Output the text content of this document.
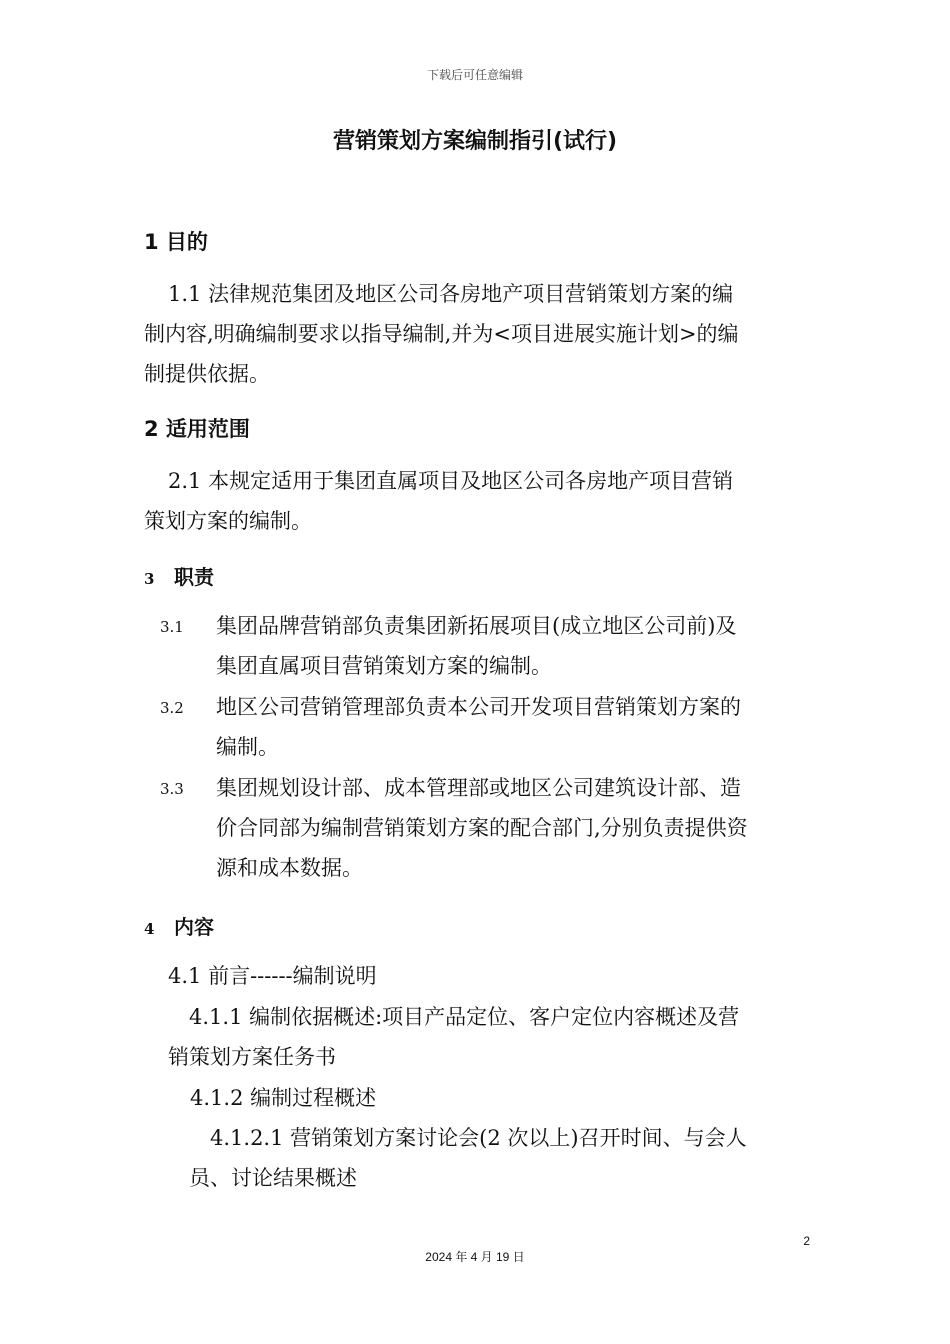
下载后可任意编辑
营销策划方案编制指引(试行)
1 目的
1.1 法律规范集团及地区公司各房地产项目营销策划方案的编
制内容,明确编制要求以指导编制,并为<项目进展实施计划>的编
制提供依据。
2 适用范围
2.1 本规定适用于集团直属项目及地区公司各房地产项目营销
策划方案的编制。
3 职责
3.1 集团品牌营销部负责集团新拓展项目(成立地区公司前)及
集团直属项目营销策划方案的编制。
3.2 地区公司营销管理部负责本公司开发项目营销策划方案的
编制。
3.3 集团规划设计部、成本管理部或地区公司建筑设计部、造
价合同部为编制营销策划方案的配合部门,分别负责提供资
源和成本数据。
4 内容
4.1 前言------编制说明
4.1.1 编制依据概述:项目产品定位、客户定位内容概述及营
销策划方案任务书
4.1.2 编制过程概述
4.1.2.1 营销策划方案讨论会(2 次以上)召开时间、与会人
员、讨论结果概述
2
2024 年 4 月 19 日
